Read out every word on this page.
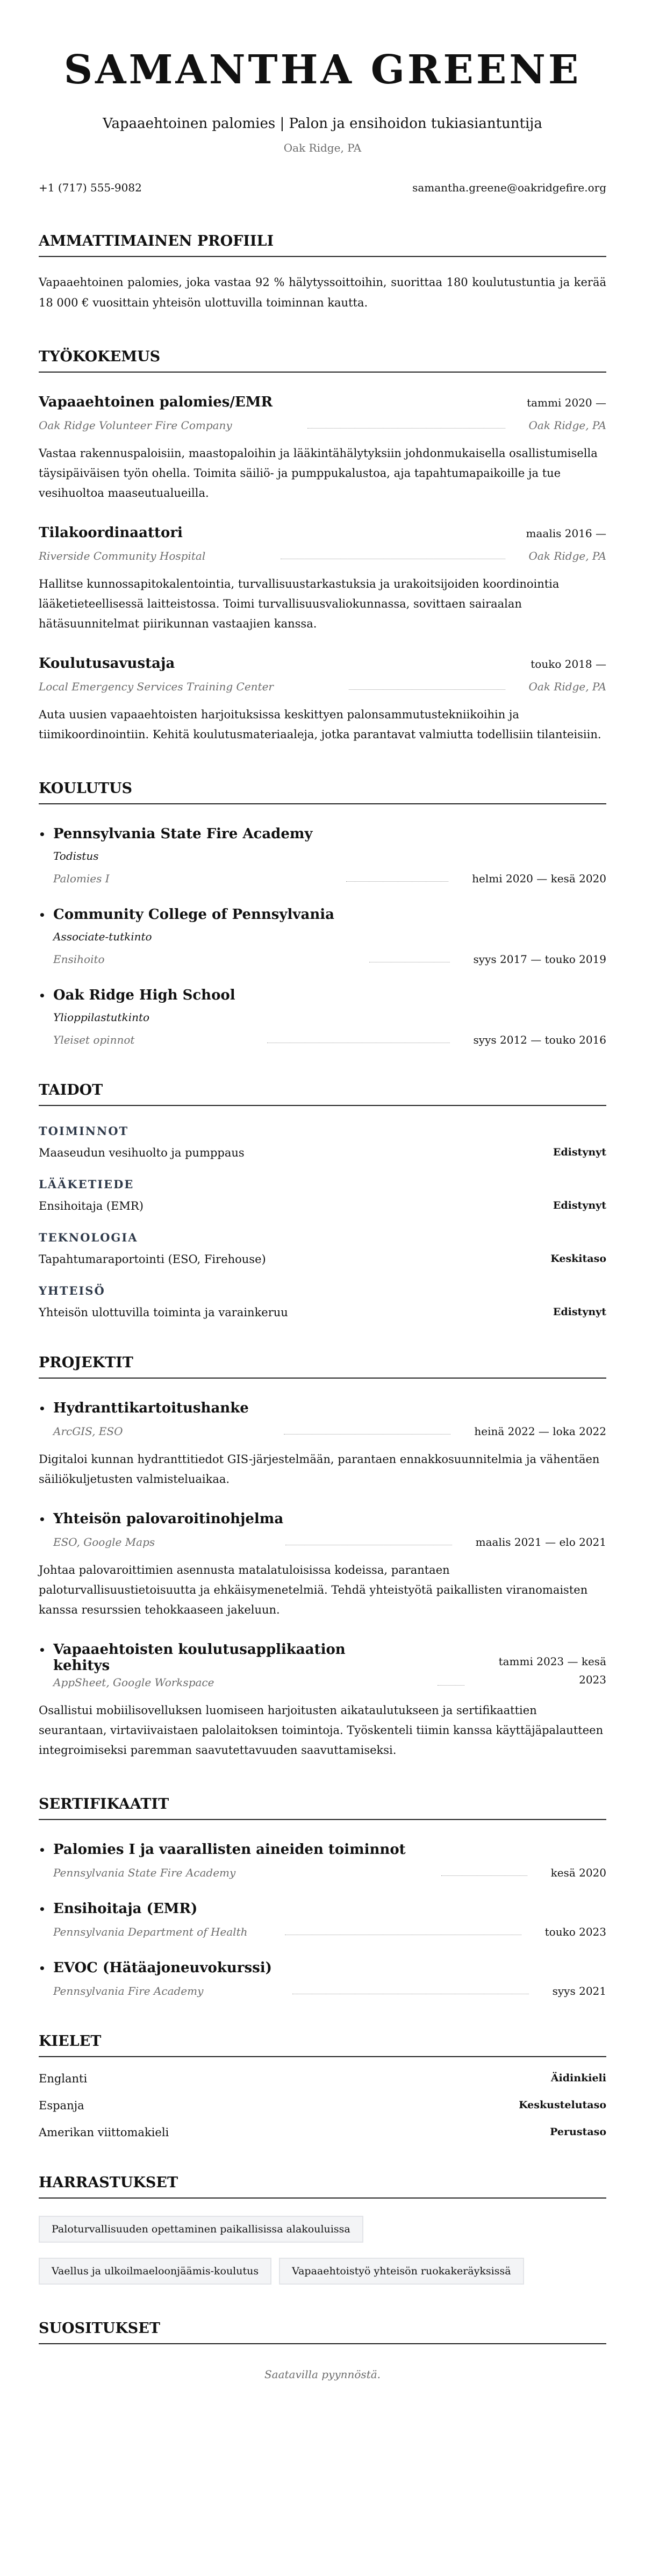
SAMANTHA GREENE
Vapaaehtoinen palomies | Palon ja ensihoidon tukiasiantuntija
Oak Ridge, PA
+1 (717) 555-9082	samantha.greene@oakridgefire.org
AMMATTIMAINEN PROFIILI
Vapaaehtoinen palomies, joka vastaa 92 % hälytyssoittoihin, suorittaa 180 koulutustuntia ja kerää 18 000 € vuosittain yhteisön ulottuvilla toiminnan kautta.
TYÖKOKEMUS
Vapaaehtoinen palomies/EMR	tammi 2020 —
Oak Ridge Volunteer Fire Company	Oak Ridge, PA
Vastaa rakennuspaloisiin, maastopaloihin ja lääkintähälytyksiin johdonmukaisella osallistumisella täysipäiväisen työn ohella. Toimita säiliö- ja pumppukalustoa, aja tapahtumapaikoille ja tue vesihuoltoa maaseutualueilla.
Tilakoordinaattori	maalis 2016 —
Riverside Community Hospital	Oak Ridge, PA
Hallitse kunnossapitokalentointia, turvallisuustarkastuksia ja urakoitsijoiden koordinointia lääketieteellisessä laitteistossa. Toimi turvallisuusvaliokunnassa, sovittaen sairaalan hätäsuunnitelmat piirikunnan vastaajien kanssa.
Koulutusavustaja	touko 2018 —
Local Emergency Services Training Center	Oak Ridge, PA
Auta uusien vapaaehtoisten harjoituksissa keskittyen palonsammutustekniikoihin ja tiimikoordinointiin. Kehitä koulutusmateriaaleja, jotka parantavat valmiutta todellisiin tilanteisiin.
KOULUTUS
• Pennsylvania State Fire Academy
Todistus
Palomies I	helmi 2020 — kesä 2020
• Community College of Pennsylvania
Associate-tutkinto
Ensihoito	syys 2017 — touko 2019
• Oak Ridge High School
Ylioppilastutkinto
Yleiset opinnot	syys 2012 — touko 2016
TAIDOT
TOIMINNOT
Maaseudun vesihuolto ja pumppaus	Edistynyt
LÄÄKETIEDE
Ensihoitaja (EMR)	Edistynyt
TEKNOLOGIA
Tapahtumaraportointi (ESO, Firehouse)	Keskitaso
YHTEISÖ
Yhteisön ulottuvilla toiminta ja varainkeruu	Edistynyt
PROJEKTIT
• Hydranttikartoitushanke
ArcGIS, ESO	heinä 2022 — loka 2022
Digitaloi kunnan hydranttitiedot GIS-järjestelmään, parantaen ennakkosuunnitelmia ja vähentäen säiliökuljetusten valmisteluaikaa.
• Yhteisön palovaroitinohjelma
ESO, Google Maps	maalis 2021 — elo 2021
Johtaa palovaroittimien asennusta matalatuloisissa kodeissa, parantaen paloturvallisuustietoisuutta ja ehkäisymenetelmiä. Tehdä yhteistyötä paikallisten viranomaisten kanssa resurssien tehokkaaseen jakeluun.
• Vapaaehtoisten koulutusapplikaation kehitys
AppSheet, Google Workspace
tammi 2023 — kesä 2023
Osallistui mobiilisovelluksen luomiseen harjoitusten aikataulutukseen ja sertifikaattien seurantaan, virtaviivaistaen palolaitoksen toimintoja. Työskenteli tiimin kanssa käyttäjäpalautteen integroimiseksi paremman saavutettavuuden saavuttamiseksi.
SERTIFIKAATIT
• Palomies I ja vaarallisten aineiden toiminnot
Pennsylvania State Fire Academy	kesä 2020
• Ensihoitaja (EMR)
Pennsylvania Department of Health	touko 2023
• EVOC (Hätäajoneuvokurssi)
Pennsylvania Fire Academy	syys 2021
KIELET
Englanti	Äidinkieli
Espanja	Keskustelutaso
Amerikan viittomakieli	Perustaso
HARRASTUKSET
Paloturvallisuuden opettaminen paikallisissa alakouluissa
Vaellus ja ulkoilmaeloonjäämis-koulutus	Vapaaehtoistyö yhteisön ruokakeräyksissä
SUOSITUKSET
Saatavilla pyynnöstä.
